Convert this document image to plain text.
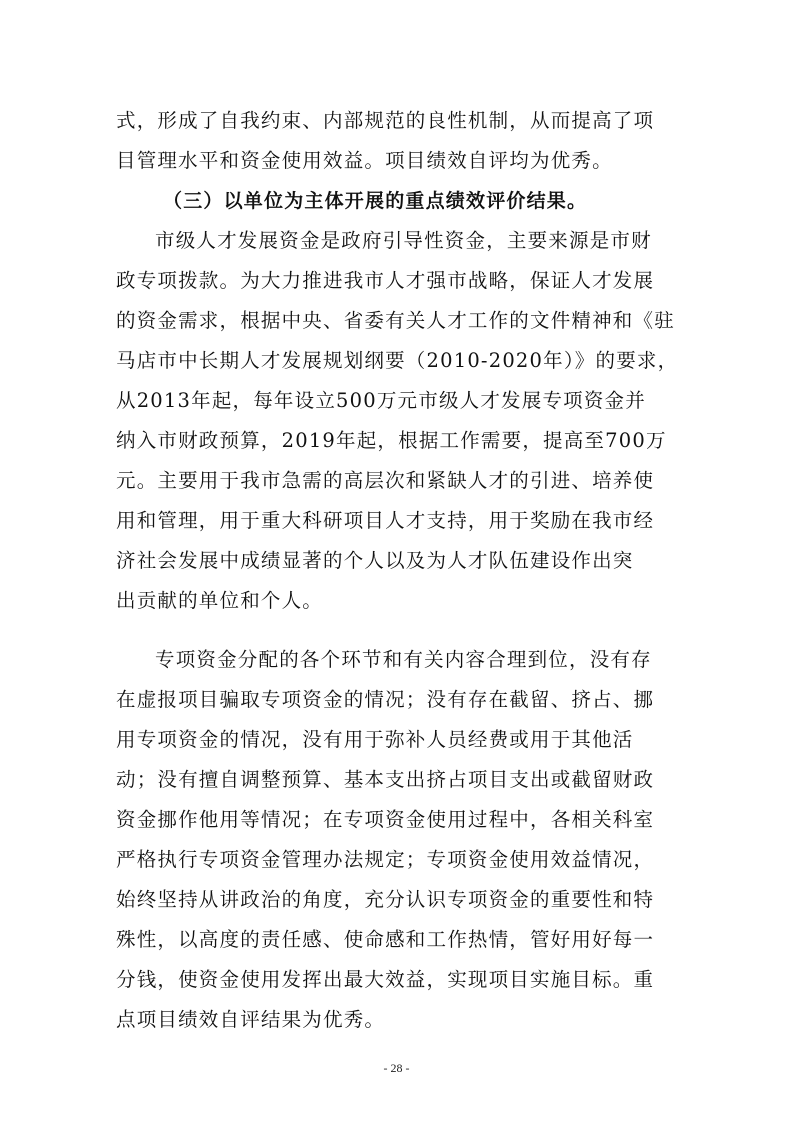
式，形成了自我约束、内部规范的良性机制，从而提高了项
目管理水平和资金使用效益。项目绩效自评均为优秀。
（三）以单位为主体开展的重点绩效评价结果。
市级人才发展资金是政府引导性资金，主要来源是市财
政专项拨款。为大力推进我市人才强市战略，保证人才发展
的资金需求，根据中央、省委有关人才工作的文件精神和《驻
马店市中长期人才发展规划纲要（2010-2020年）》的要求，
从2013年起，每年设立500万元市级人才发展专项资金并
纳入市财政预算，2019年起，根据工作需要，提高至700万
元。主要用于我市急需的高层次和紧缺人才的引进、培养使
用和管理，用于重大科研项目人才支持，用于奖励在我市经
济社会发展中成绩显著的个人以及为人才队伍建设作出突
出贡献的单位和个人。
专项资金分配的各个环节和有关内容合理到位，没有存
在虚报项目骗取专项资金的情况；没有存在截留、挤占、挪
用专项资金的情况，没有用于弥补人员经费或用于其他活
动；没有擅自调整预算、基本支出挤占项目支出或截留财政
资金挪作他用等情况；在专项资金使用过程中，各相关科室
严格执行专项资金管理办法规定；专项资金使用效益情况，
始终坚持从讲政治的角度，充分认识专项资金的重要性和特
殊性，以高度的责任感、使命感和工作热情，管好用好每一
分钱，使资金使用发挥出最大效益，实现项目实施目标。重
点项目绩效自评结果为优秀。
- 28 -
